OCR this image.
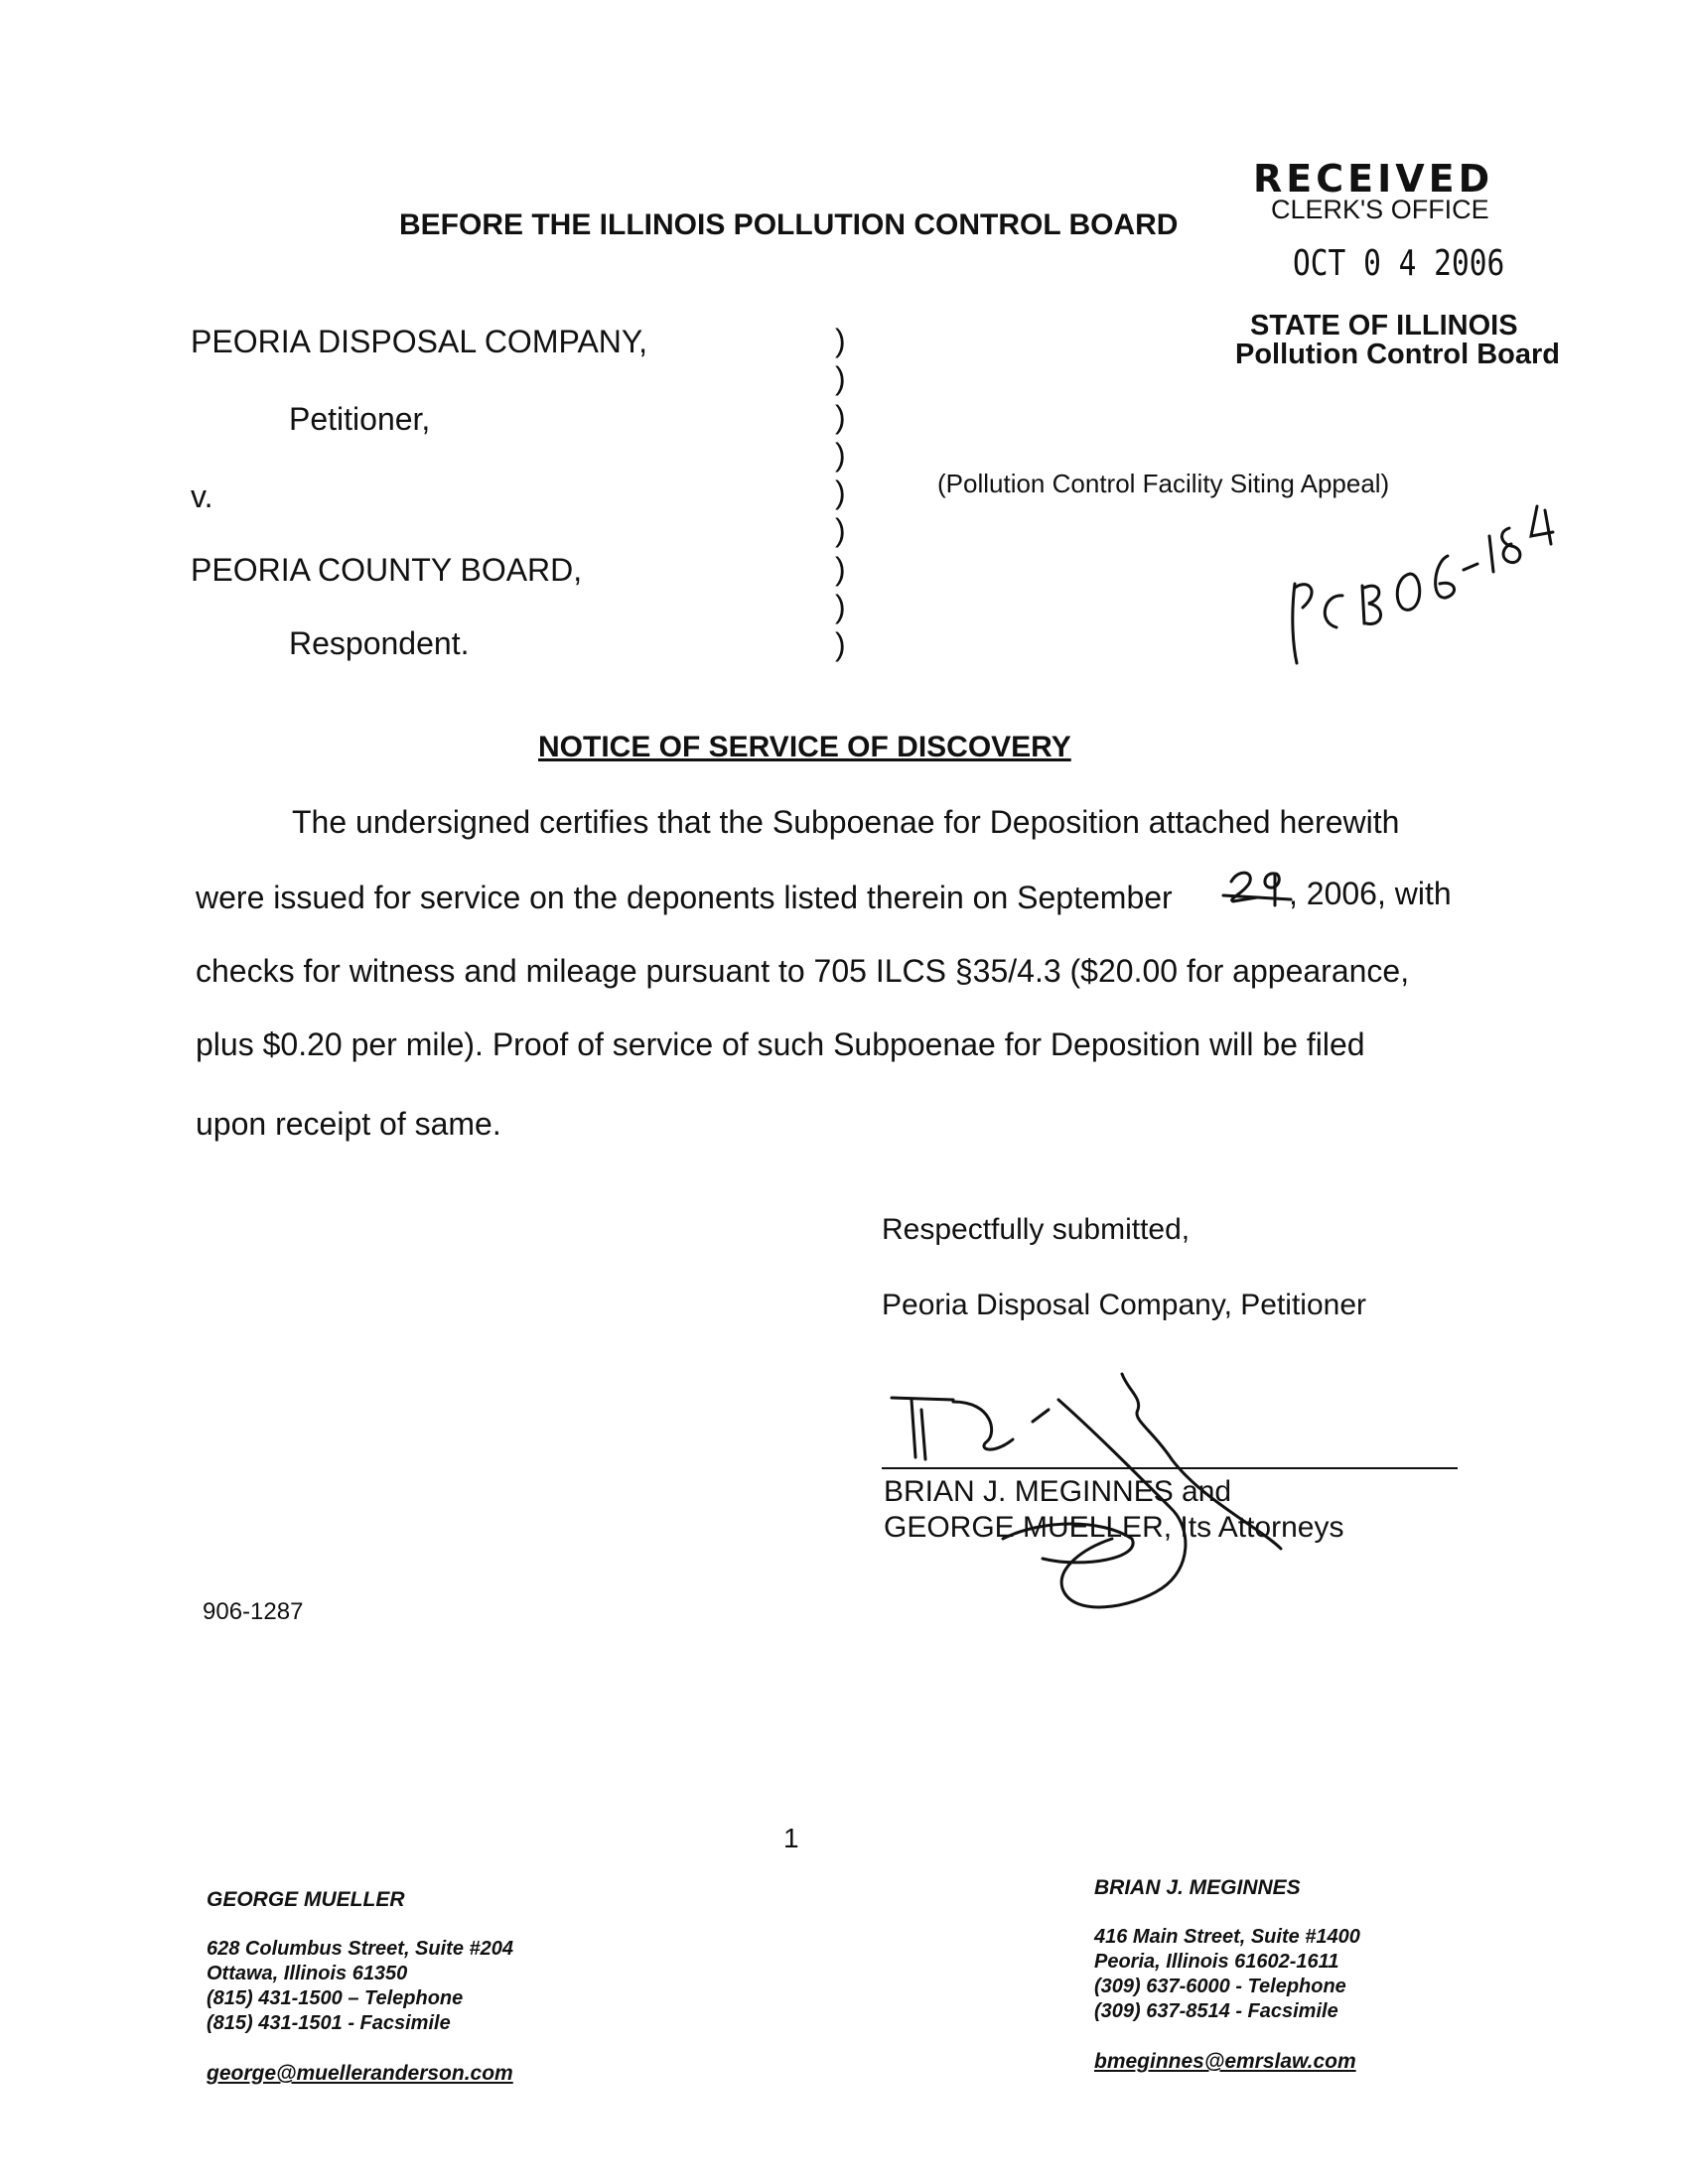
RECEIVED
CLERK'S OFFICE
OCT 0 4 2006
STATE OF ILLINOIS
Pollution Control Board
BEFORE THE ILLINOIS POLLUTION CONTROL BOARD
PEORIA DISPOSAL COMPANY,
Petitioner,
v.
PEORIA COUNTY BOARD,
Respondent.
)
)
)
)
)
)
)
)
)
(Pollution Control Facility Siting Appeal)
NOTICE OF SERVICE OF DISCOVERY
The undersigned certifies that the Subpoenae for Deposition attached herewith
were issued for service on the deponents listed therein on September	, 2006, with
checks for witness and mileage pursuant to 705 ILCS §35/4.3 ($20.00 for appearance,
plus $0.20 per mile). Proof of service of such Subpoenae for Deposition will be filed
upon receipt of same.
Respectfully submitted,
Peoria Disposal Company, Petitioner
BRIAN J. MEGINNES and
GEORGE MUELLER, Its Attorneys
906-1287
1

GEORGE MUELLER

628 Columbus Street, Suite #204
Ottawa, Illinois 61350
(815) 431-1500 – Telephone
(815) 431-1501 - Facsimile

george@muelleranderson.com

BRIAN J. MEGINNES

416 Main Street, Suite #1400
Peoria, Illinois 61602-1611
(309) 637-6000 - Telephone
(309) 637-8514 - Facsimile

bmeginnes@emrslaw.com
